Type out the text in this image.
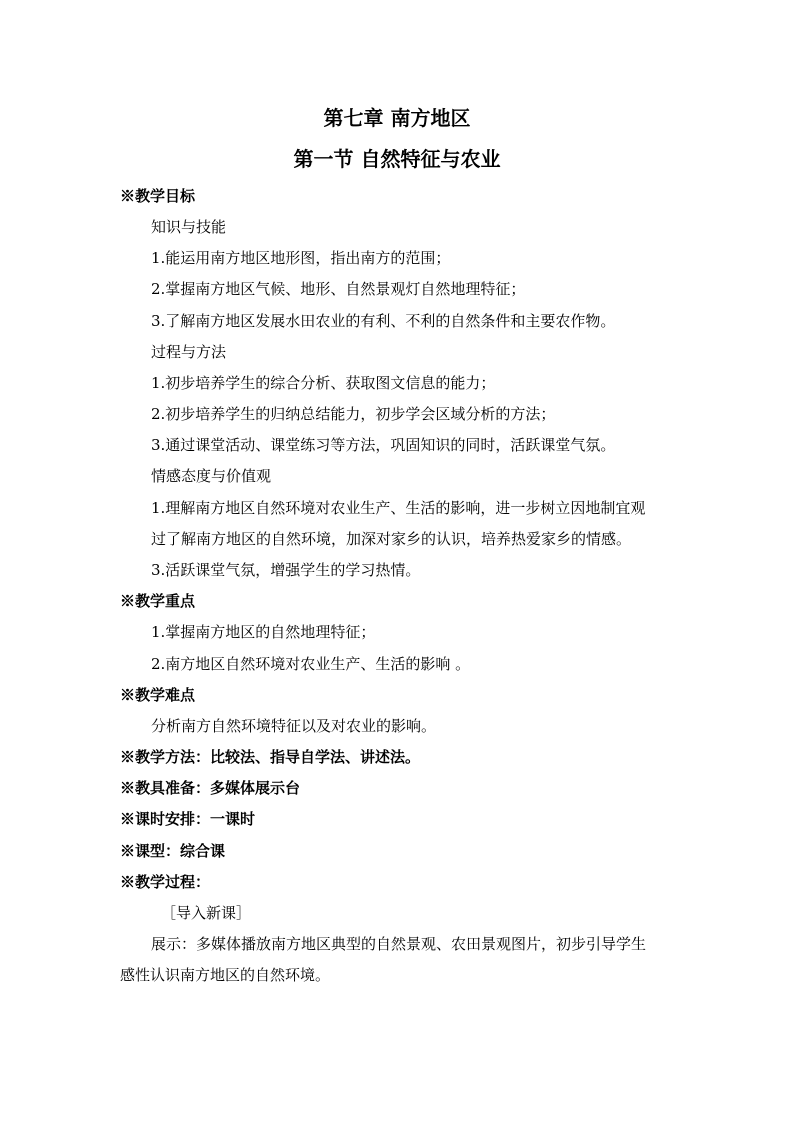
第七章 南方地区
第一节 自然特征与农业
※教学目标
知识与技能
1.能运用南方地区地形图，指出南方的范围；
2.掌握南方地区气候、地形、自然景观灯自然地理特征；
3.了解南方地区发展水田农业的有利、不利的自然条件和主要农作物。
过程与方法
1.初步培养学生的综合分析、获取图文信息的能力；
2.初步培养学生的归纳总结能力，初步学会区域分析的方法；
3.通过课堂活动、课堂练习等方法，巩固知识的同时，活跃课堂气氛。
情感态度与价值观
1.理解南方地区自然环境对农业生产、生活的影响，进一步树立因地制宜观
过了解南方地区的自然环境，加深对家乡的认识，培养热爱家乡的情感。
3.活跃课堂气氛，增强学生的学习热情。
※教学重点
1.掌握南方地区的自然地理特征；
2.南方地区自然环境对农业生产、生活的影响 。
※教学难点
分析南方自然环境特征以及对农业的影响。
※教学方法：比较法、指导自学法、讲述法。
※教具准备：多媒体展示台
※课时安排：一课时
※课型：综合课
※教学过程：
［导入新课］
展示：多媒体播放南方地区典型的自然景观、农田景观图片，初步引导学生
感性认识南方地区的自然环境。
